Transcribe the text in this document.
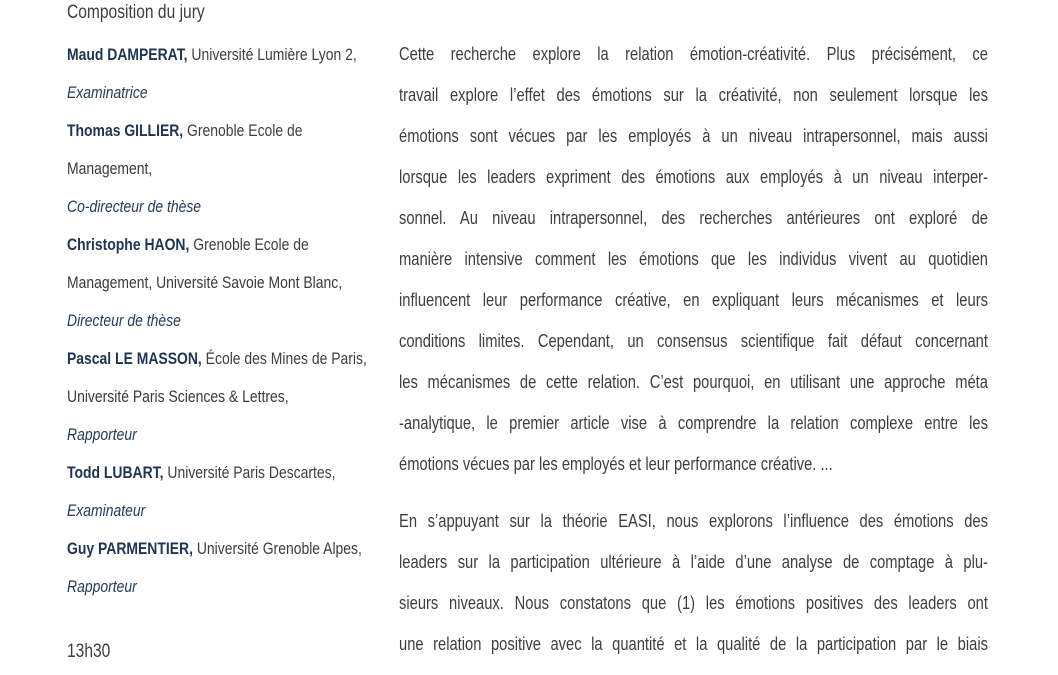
Composition du jury
Maud DAMPERAT, Université Lumière Lyon 2,
Examinatrice
Thomas GILLIER, Grenoble Ecole de
Management,
Co-directeur de thèse
Christophe HAON, Grenoble Ecole de
Management, Université Savoie Mont Blanc,
Directeur de thèse
Pascal LE MASSON, École des Mines de Paris,
Université Paris Sciences & Lettres,
Rapporteur
Todd LUBART, Université Paris Descartes,
Examinateur
Guy PARMENTIER, Université Grenoble Alpes,
Rapporteur
13h30
Cette recherche explore la relation émotion-créativité. Plus précisément, ce
travail explore l’effet des émotions sur la créativité, non seulement lorsque les
émotions sont vécues par les employés à un niveau intrapersonnel, mais aussi
lorsque les leaders expriment des émotions aux employés à un niveau interper-
sonnel. Au niveau intrapersonnel, des recherches antérieures ont exploré de
manière intensive comment les émotions que les individus vivent au quotidien
influencent leur performance créative, en expliquant leurs mécanismes et leurs
conditions limites. Cependant, un consensus scientifique fait défaut concernant
les mécanismes de cette relation. C’est pourquoi, en utilisant une approche méta
-analytique, le premier article vise à comprendre la relation complexe entre les
émotions vécues par les employés et leur performance créative. ...
En s’appuyant sur la théorie EASI, nous explorons l’influence des émotions des
leaders sur la participation ultérieure à l’aide d’une analyse de comptage à plu-
sieurs niveaux. Nous constatons que (1) les émotions positives des leaders ont
une relation positive avec la quantité et la qualité de la participation par le biais
